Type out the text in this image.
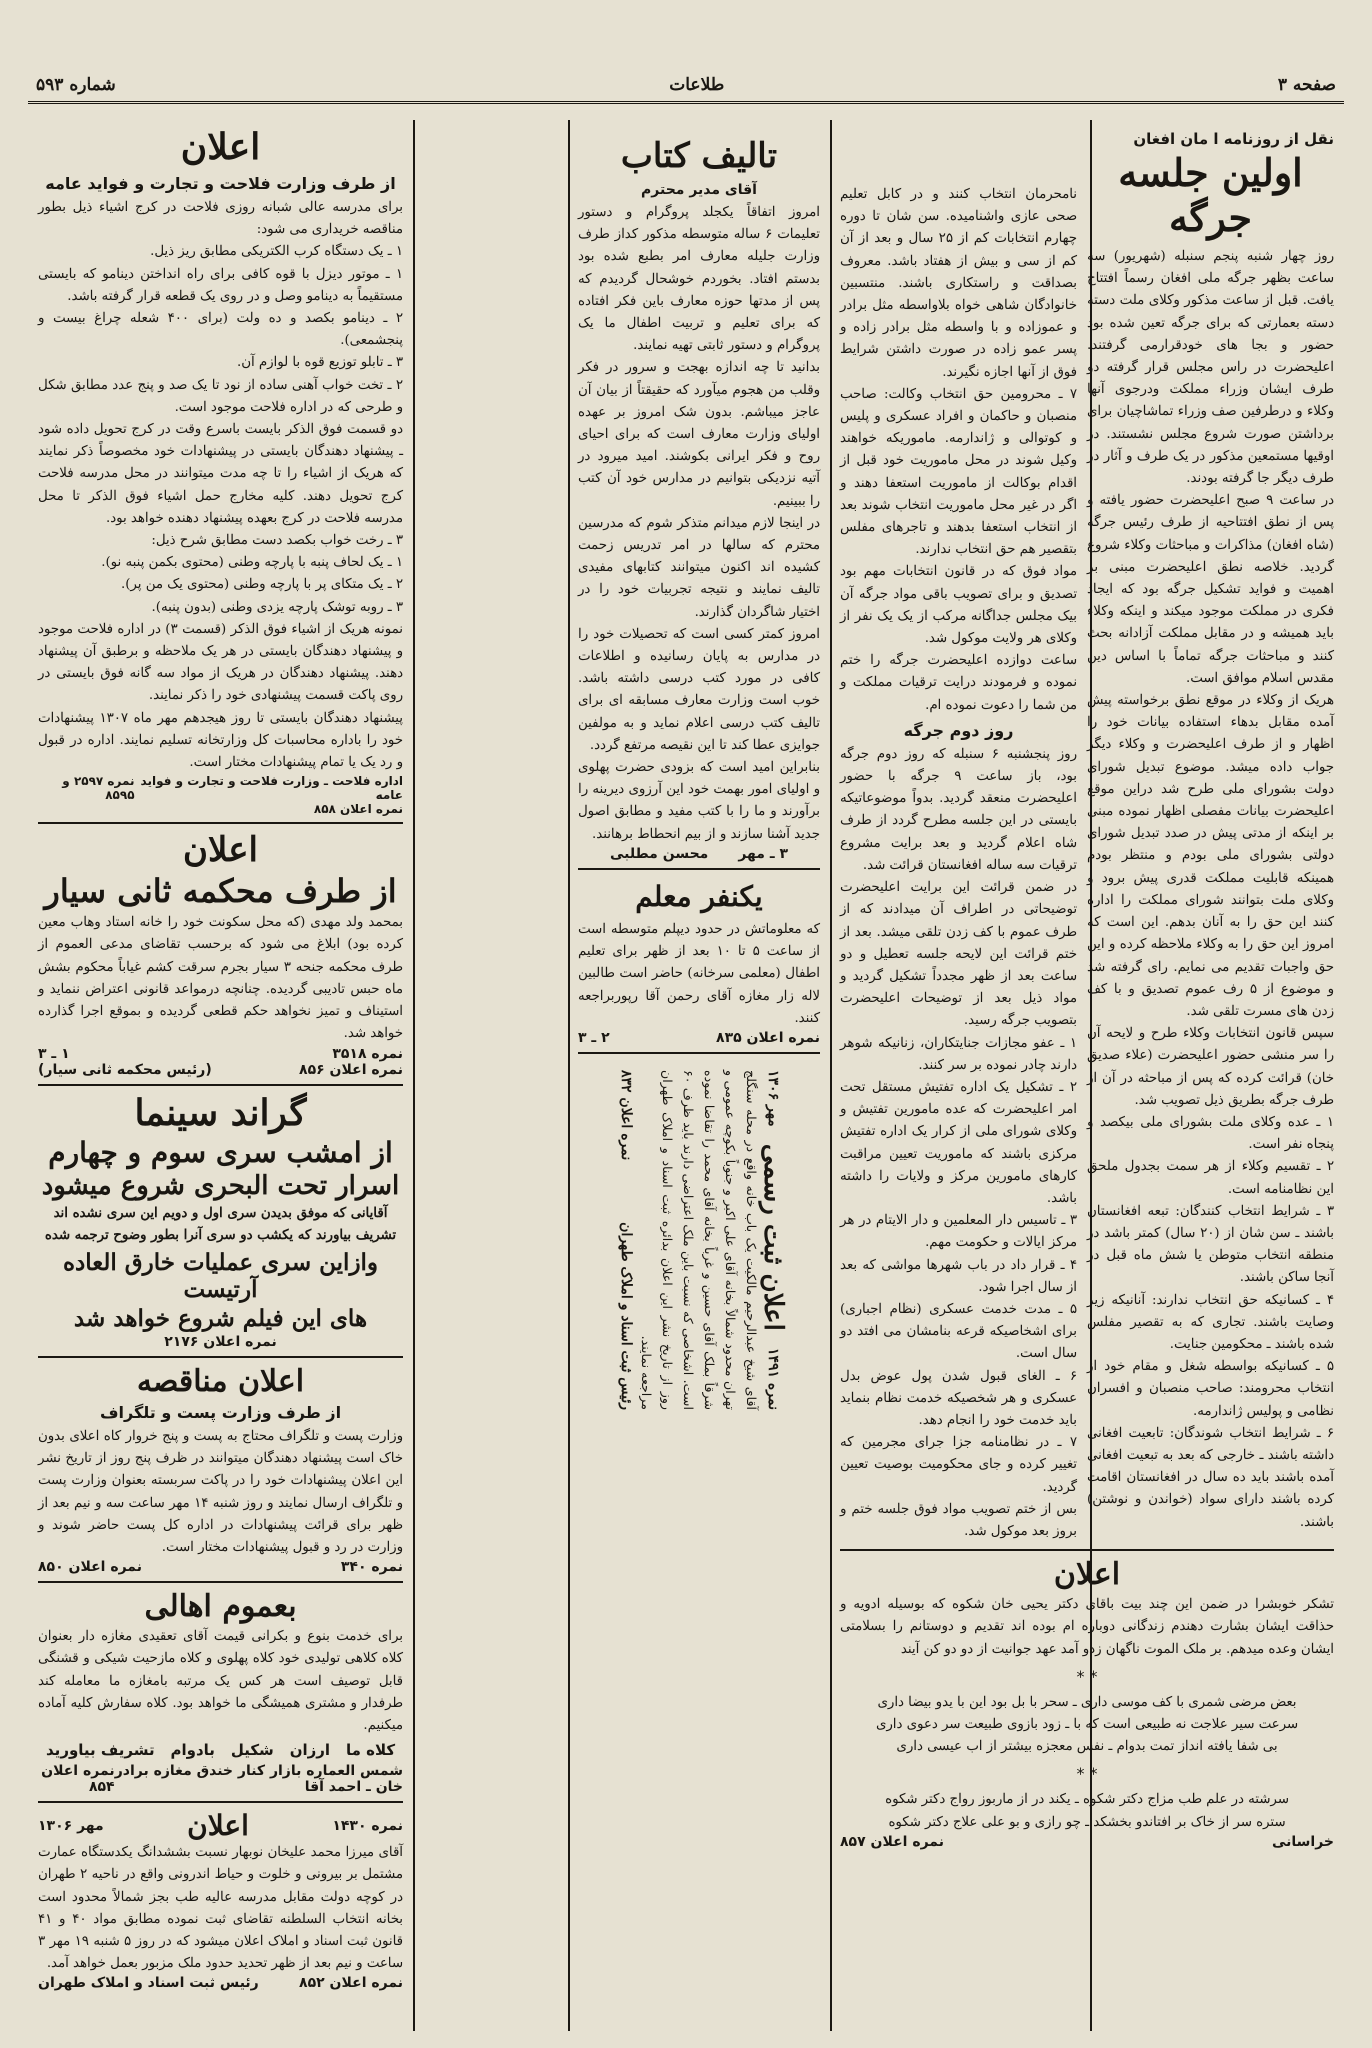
صفحه ۳
طلاعات
شماره ۵۹۳
نقل از روزنامه ا مان افغان
اولین جلسه جرگه

روز چهار شنبه پنجم سنبله (شهریور) سه ساعت بظهر جرگه ملی افغان رسماً افتتاح یافت. قبل از ساعت مذکور وکلای ملت دسته دسته بعمارتی که برای جرگه تعین شده بود حضور و بجا های خودقرارمی گرفتند. اعلیحضرت در راس مجلس قرار گرفته دو طرف ایشان وزراء مملکت ودرجوی آنها وکلاء و درطرفین صف وزراء تماشاچیان برای برداشتن صورت شروع مجلس نشستند. در اوقیها مستمعین مذکور در یک طرف و آثار در طرف دیگر جا گرفته بودند.

در ساعت ۹ صبح اعلیحضرت حضور یافته و پس از نطق افتتاحیه از طرف رئیس جرگه (شاه افغان) مذاکرات و مباحثات وکلاء شروع گردید. خلاصه نطق اعلیحضرت مبنی بر اهمیت و فواید تشکیل جرگه بود که ایجاد فکری در مملکت موجود میکند و اینکه وکلاء باید همیشه و در مقابل مملکت آزادانه بحث کنند و مباحثات جرگه تماماً با اساس دین مقدس اسلام موافق است.

هریک از وکلاء در موقع نطق برخواسته پیش آمده مقابل بدهاء استفاده بیانات خود را اظهار و از طرف اعلیحضرت و وکلاء دیگر جواب داده میشد. موضوع تبدیل شورای دولت بشورای ملی طرح شد دراین موقع اعلیحضرت بیانات مفصلی اظهار نموده مبنی بر اینکه از مدتی پیش در صدد تبدیل شورای دولتی بشورای ملی بودم و منتظر بودم همینکه قابلیت مملکت قدری پیش برود و وکلای ملت بتوانند شورای مملکت را اداره کنند این حق را به آنان بدهم. این است که امروز این حق را به وکلاء ملاحظه کرده و این حق واجبات تقدیم می نمایم. رای گرفته شد و موضوع از ۵ رف عموم تصدیق و با کف زدن های مسرت تلقی شد.

سپس قانون انتخابات وکلاء طرح و لایحه آن را سر منشی حضور اعلیحضرت (علاء صدیق خان) قرائت کرده که پس از مباحثه در آن از طرف جرگه بطریق ذیل تصویب شد.

۱ ـ عده وکلای ملت بشورای ملی بیکصد و پنجاه نفر است.

۲ ـ تقسیم وکلاء از هر سمت بجدول ملحق این نظامنامه است.

۳ ـ شرایط انتخاب کنندگان: تبعه افغانستان باشند ـ سن شان از (۲۰ سال) کمتر باشد در منطقه انتخاب متوطن یا شش ماه قبل در آنجا ساکن باشند.

۴ ـ کسانیکه حق انتخاب ندارند: آنانیکه زیر وصایت باشند. تجاری که به تقصیر مفلس شده باشند ـ محکومین جنایت.

۵ ـ کسانیکه بواسطه شغل و مقام خود از انتخاب محرومند: صاحب منصبان و افسران نظامی و پولیس ژاندارمه.

۶ ـ شرایط انتخاب شوندگان: تابعیت افغانی داشته باشند ـ خارجی که بعد به تبعیت افغانی آمده باشند باید ده سال در افغانستان اقامت کرده باشند دارای سواد (خواندن و نوشتن) باشند.

نامحرمان انتخاب کنند و در کابل تعلیم صحی عازی واشنامیده. سن شان تا دوره چهارم انتخابات کم از ۲۵ سال و بعد از آن کم از سی و بیش از هفتاد باشد. معروف بصداقت و راستکاری باشند. منتسبین خانوادگان شاهی خواه بلاواسطه مثل برادر و عموزاده و با واسطه مثل برادر زاده و پسر عمو زاده در صورت داشتن شرایط فوق از آنها اجازه نگیرند.

۷ ـ محرومین حق انتخاب وکالت: صاحب منصبان و حاکمان و افراد عسکری و پلیس و کوتوالی و ژاندارمه. ماموریکه خواهند وکیل شوند در محل ماموریت خود قبل از اقدام بوکالت از ماموریت استعفا دهند و اگر در غیر محل ماموریت انتخاب شوند بعد از انتخاب استعفا بدهند و تاجرهای مفلس بتقصیر هم حق انتخاب ندارند.

مواد فوق که در قانون انتخابات مهم بود تصدیق و برای تصویب باقی مواد جرگه آن بیک مجلس جداگانه مرکب از یک یک نفر از وکلای هر ولایت موکول شد.

ساعت دوازده اعلیحضرت جرگه را ختم نموده و فرمودند درایت ترقیات مملکت و من شما را دعوت نموده ام.

روز دوم جرگه

روز پنجشنبه ۶ سنبله که روز دوم جرگه بود، باز ساعت ۹ جرگه با حضور اعلیحضرت منعقد گردید. بدواً موضوعاتیکه بایستی در این جلسه مطرح گردد از طرف شاه اعلام گردید و بعد برایت مشروع ترقیات سه ساله افغانستان قرائت شد.

در ضمن قرائت این برایت اعلیحضرت توضیحاتی در اطراف آن میدادند که از طرف عموم با کف زدن تلقی میشد. بعد از ختم قرائت این لایحه جلسه تعطیل و دو ساعت بعد از ظهر مجدداً تشکیل گردید و مواد ذیل بعد از توضیحات اعلیحضرت بتصویب جرگه رسید.

۱ ـ عفو مجازات جنایتکاران، زنانیکه شوهر دارند چادر نموده بر سر کنند.

۲ ـ تشکیل یک اداره تفتیش مستقل تحت امر اعلیحضرت که عده مامورین تفتیش و وکلای شورای ملی از کرار یک اداره تفتیش مرکزی باشند که ماموریت تعیین مراقبت کارهای مامورین مرکز و ولایات را داشته باشد.

۳ ـ تاسیس دار المعلمین و دار الایتام در هر مرکز ایالات و حکومت مهم.

۴ ـ قرار داد در باب شهرها مواشی که بعد از سال اجرا شود.

۵ ـ مدت خدمت عسکری (نظام اجباری) برای اشخاصیکه قرعه بنامشان می افتد دو سال است.

۶ ـ الغای قبول شدن پول عوض بدل عسکری و هر شخصیکه خدمت نظام بنماید باید خدمت خود را انجام دهد.

۷ ـ در نظامنامه جزا جرای مجرمین که تغییر کرده و جای محکومیت بوصیت تعیین گردید.

بس از ختم تصویب مواد فوق جلسه ختم و بروز بعد موکول شد.

اعلان

تشکر خوبشرا در ضمن این چند بیت باقای دکتر یحیی خان شکوه که بوسیله ادویه و حذاقت ایشان بشارت دهندم زندگانی دوباره ام بوده اند تقدیم و دوستانم را بسلامتی ایشان وعده میدهم. بر ملک الموت ناگهان زدو آمد عهد جوانیت از دو دو کن آیند

* *

بعض مرضی شمری با کف موسی داری ـ سحر با بل بود این با یدو بیضا داری

سرعت سیر علاجت نه طبیعی است که با ـ زود بازوی طبیعت سر دعوی داری

بی شفا یافته انداز تمت بدوام ـ نفس معجزه بیشتر از اب عیسی داری

* *

سرشته در علم طب مزاج دکتر شکوه ـ یکند در از ماربوز رواج دکتر شکوه

ستره سر از خاک بر افتاندو بخشکد ـ چو رازی و بو علی علاج دکتر شکوه

خراسانی
نمره اعلان ۸۵۷
تالیف کتاب
آقای مدیر محترم

امروز اتفاقاً یکجلد پروگرام و دستور تعلیمات ۶ ساله متوسطه مذکور کداز طرف وزارت جلیله معارف امر بطبع شده بود بدستم افتاد. بخوردم خوشحال گردیدم که پس از مدتها حوزه معارف باین فکر افتاده که برای تعلیم و تربیت اطفال ما یک پروگرام و دستور ثابتی تهیه نمایند.

بدانید تا چه اندازه بهجت و سرور در فکر وقلب من هجوم میآورد که حقیقتاً از بیان آن عاجز میباشم. بدون شک امروز بر عهده اولیای وزارت معارف است که برای احیای روح و فکر ایرانی بکوشند. امید میرود در آتیه نزدیکی بتوانیم در مدارس خود آن کتب را ببینیم.

در اینجا لازم میدانم متذکر شوم که مدرسین محترم که سالها در امر تدریس زحمت کشیده اند اکنون میتوانند کتابهای مفیدی تالیف نمایند و نتیجه تجربیات خود را در اختیار شاگردان گذارند.

امروز کمتر کسی است که تحصیلات خود را در مدارس به پایان رسانیده و اطلاعات کافی در مورد کتب درسی داشته باشد. خوب است وزارت معارف مسابقه ای برای تالیف کتب درسی اعلام نماید و به مولفین جوایزی عطا کند تا این نقیصه مرتفع گردد.

بنابراین امید است که بزودی حضرت پهلوی و اولیای امور بهمت خود این آرزوی دیرینه را برآورند و ما را با کتب مفید و مطابق اصول جدید آشنا سازند و از بیم انحطاط برهانند.

۳ ـ مهر
محسن مطلبی
یکنفر معلم

که معلوماتش در حدود دیپلم متوسطه است از ساعت ۵ تا ۱۰ بعد از ظهر برای تعلیم اطفال (معلمی سرخانه) حاضر است طالبین لاله زار مغازه آقای رحمن آقا رپوربراجعه کنند.

نمره اعلان ۸۳۵
۲ ـ ۳
نمره ۱۴۹۱
اعلان ثبت رسمی
مهر ۱۳۰۶
آقای شیخ عبدالرحیم مالکیت یک باب خانه واقع در محله سنگلج تهران محدود شمالاً بخانه آقای علی اکبر و جنوباً بکوچه عمومی و شرقاً بملک آقای حسین و غرباً بخانه آقای محمد را تقاضا نموده است. اشخاصی که نسبت باین ملک اعتراضی دارند باید ظرف ۶۰ روز از تاریخ نشر این اعلان بدائره ثبت اسناد و املاک طهران مراجعه نمایند.
رئیس ثبت اسناد و املاک طهران
نمره اعلان ۸۳۲
اعلان
از طرف وزارت فلاحت و تجارت و فواید عامه

برای مدرسه عالی شبانه روزی فلاحت در کرج اشیاء ذیل بطور مناقصه خریداری می شود:

۱ ـ یک دستگاه کرب الکتریکی مطابق ریز ذیل.

۱ ـ موتور دیزل با قوه کافی برای راه انداختن دینامو که بایستی مستقیماً به دینامو وصل و در روی یک قطعه قرار گرفته باشد.

۲ ـ دینامو بکصد و ده ولت (برای ۴۰۰ شعله چراغ بیست و پنجشمعی).

۳ ـ تابلو توزیع قوه با لوازم آن.

۲ ـ تخت خواب آهنی ساده از نود تا یک صد و پنج عدد مطابق شکل و طرحی که در اداره فلاحت موجود است.

دو قسمت فوق الذکر بایست باسرع وقت در کرج تحویل داده شود ـ پیشنهاد دهندگان بایستی در پیشنهادات خود مخصوصاً ذکر نمایند که هریک از اشیاء را تا چه مدت میتوانند در محل مدرسه فلاحت کرج تحویل دهند. کلیه مخارج حمل اشیاء فوق الذکر تا محل مدرسه فلاحت در کرج بعهده پیشنهاد دهنده خواهد بود.

۳ ـ رخت خواب بکصد دست مطابق شرح ذیل:

۱ ـ یک لحاف پنبه با پارچه وطنی (محتوی بکمن پنبه نو).

۲ ـ یک متکای پر با پارچه وطنی (محتوی یک من پر).

۳ ـ روبه توشک پارچه یزدی وطنی (بدون پنبه).

نمونه هریک از اشیاء فوق الذکر (قسمت ۳) در اداره فلاحت موجود و پیشنهاد دهندگان بایستی در هر یک ملاحظه و برطبق آن پیشنهاد دهند. پیشنهاد دهندگان در هریک از مواد سه گانه فوق بایستی در روی پاکت قسمت پیشنهادی خود را ذکر نمایند.

پیشنهاد دهندگان بایستی تا روز هیجدهم مهر ماه ۱۳۰۷ پیشنهادات خود را باداره محاسبات کل وزارتخانه تسلیم نمایند. اداره در قبول و رد یک یا تمام پیشنهادات مختار است.

اداره فلاحت ـ وزارت فلاحت و تجارت و فواید عامه
نمره ۲۵۹۷ و ۸۵۹۵
نمره اعلان ۸۵۸
اعلان
از طرف محکمه ثانی سیار

بمحمد ولد مهدی (که محل سکونت خود را خانه استاد وهاب معین کرده بود) ابلاغ می شود که برحسب تقاضای مدعی العموم از طرف محکمه جنحه ۳ سیار بجرم سرقت کشم غیاباً محکوم بشش ماه حبس تادیبی گردیده. چنانچه درمواعد قانونی اعتراض ننماید و استیناف و تمیز نخواهد حکم قطعی گردیده و بموقع اجرا گذارده خواهد شد.

نمره ۳۵۱۸
۱ ـ ۳
نمره اعلان ۸۵۶
(رئیس محکمه ثانی سیار)
گراند سینما
از امشب سری سوم و چهارم
اسرار تحت البحری شروع میشود

آقایانی که موفق بدیدن سری اول و دویم این سری نشده اند تشریف بیاورند که یکشب دو سری آنرا بطور وضوح ترجمه شده

وازاین سری عملیات خارق العاده آرتیست
های این فیلم شروع خواهد شد
نمره اعلان ۲۱۷۶
اعلان مناقصه
از طرف وزارت پست و تلگراف

وزارت پست و تلگراف محتاج به پست و پنج خروار کاه اعلای بدون خاک است پیشنهاد دهندگان میتوانند در ظرف پنج روز از تاریخ نشر این اعلان پیشنهادات خود را در پاکت سربسته بعنوان وزارت پست و تلگراف ارسال نمایند و روز شنبه ۱۴ مهر ساعت سه و نیم بعد از ظهر برای قرائت پیشنهادات در اداره کل پست حاضر شوند و وزارت در رد و قبول پیشنهادات مختار است.

نمره ۳۴۰
نمره اعلان ۸۵۰
بعموم اهالی

برای خدمت بنوع و بکرانی قیمت آقای تعقیدی مغازه دار بعنوان کلاه کلاهی تولیدی خود کلاه پهلوی و کلاه مازحیت شیکی و قشنگی قابل توصیف است هر کس یک مرتبه بامغازه ما معامله کند طرفدار و مشتری همیشگی ما خواهد بود. کلاه سفارش کلیه آماده میکنیم.

کلاه ما
ارزان
شکیل
بادوام
تشریف بیاورید
شمس العماره بازار کنار خندق مغازه برادر خان ـ احمد آقا
نمره اعلان ۸۵۴
نمره ۱۴۳۰
اعلان
مهر ۱۳۰۶

آقای میرزا محمد علیخان نوبهار نسبت بششدانگ یکدستگاه عمارت مشتمل بر بیرونی و خلوت و حیاط اندرونی واقع در ناحیه ۲ طهران در کوچه دولت مقابل مدرسه عالیه طب بجز شمالاً محدود است بخانه انتخاب السلطنه تقاضای ثبت نموده مطابق مواد ۴۰ و ۴۱ قانون ثبت اسناد و املاک اعلان میشود که در روز ۵ شنبه ۱۹ مهر ۳ ساعت و نیم بعد از ظهر تحدید حدود ملک مزبور بعمل خواهد آمد.

نمره اعلان ۸۵۲
رئیس ثبت اسناد و املاک طهران
